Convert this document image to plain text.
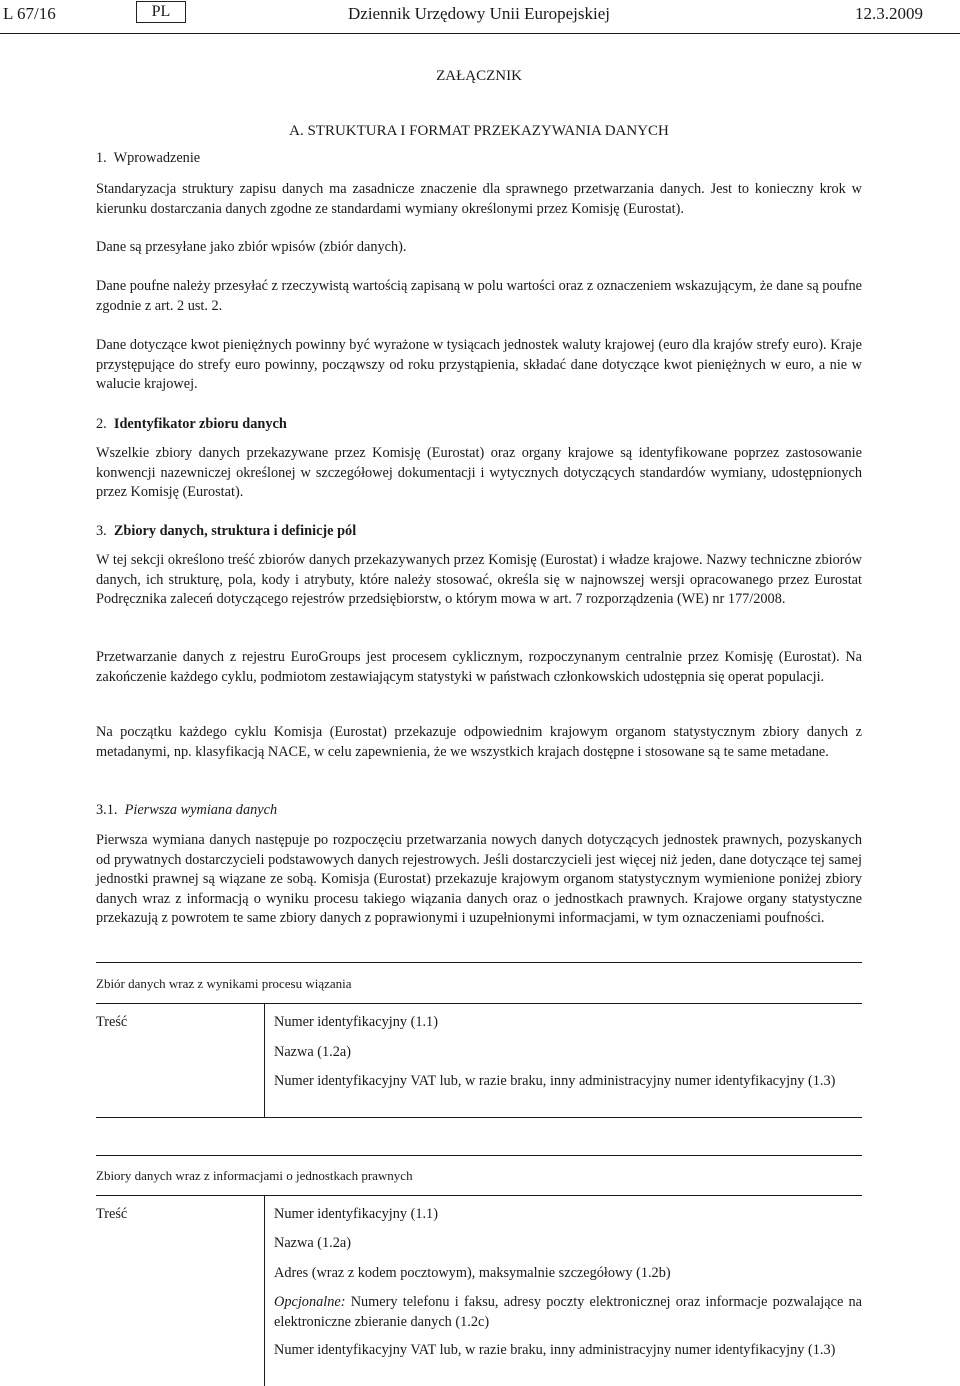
L 67/16	PL	Dziennik Urzędowy Unii Europejskiej	12.3.2009
ZAŁĄCZNIK
A. STRUKTURA I FORMAT PRZEKAZYWANIA DANYCH
1. Wprowadzenie
Standaryzacja struktury zapisu danych ma zasadnicze znaczenie dla sprawnego przetwarzania danych. Jest to konieczny krok w kierunku dostarczania danych zgodne ze standardami wymiany określonymi przez Komisję (Eurostat).
Dane są przesyłane jako zbiór wpisów (zbiór danych).
Dane poufne należy przesyłać z rzeczywistą wartością zapisaną w polu wartości oraz z oznaczeniem wskazującym, że dane są poufne zgodnie z art. 2 ust. 2.
Dane dotyczące kwot pieniężnych powinny być wyrażone w tysiącach jednostek waluty krajowej (euro dla krajów strefy euro). Kraje przystępujące do strefy euro powinny, począwszy od roku przystąpienia, składać dane dotyczące kwot pieniężnych w euro, a nie w walucie krajowej.
2. Identyfikator zbioru danych
Wszelkie zbiory danych przekazywane przez Komisję (Eurostat) oraz organy krajowe są identyfikowane poprzez zastosowanie konwencji nazewniczej określonej w szczegółowej dokumentacji i wytycznych dotyczących standardów wymiany, udostępnionych przez Komisję (Eurostat).
3. Zbiory danych, struktura i definicje pól
W tej sekcji określono treść zbiorów danych przekazywanych przez Komisję (Eurostat) i władze krajowe. Nazwy techniczne zbiorów danych, ich strukturę, pola, kody i atrybuty, które należy stosować, określa się w najnowszej wersji opracowanego przez Eurostat Podręcznika zaleceń dotyczącego rejestrów przedsiębiorstw, o którym mowa w art. 7 rozporządzenia (WE) nr 177/2008.
Przetwarzanie danych z rejestru EuroGroups jest procesem cyklicznym, rozpoczynanym centralnie przez Komisję (Eurostat). Na zakończenie każdego cyklu, podmiotom zestawiającym statystyki w państwach członkowskich udostępnia się operat populacji.
Na początku każdego cyklu Komisja (Eurostat) przekazuje odpowiednim krajowym organom statystycznym zbiory danych z metadanymi, np. klasyfikacją NACE, w celu zapewnienia, że we wszystkich krajach dostępne i stosowane są te same metadane.
3.1. Pierwsza wymiana danych
Pierwsza wymiana danych następuje po rozpoczęciu przetwarzania nowych danych dotyczących jednostek prawnych, pozyskanych od prywatnych dostarczycieli podstawowych danych rejestrowych. Jeśli dostarczycieli jest więcej niż jeden, dane dotyczące tej samej jednostki prawnej są wiązane ze sobą. Komisja (Eurostat) przekazuje krajowym organom statystycznym wymienione poniżej zbiory danych wraz z informacją o wyniku procesu takiego wiązania danych oraz o jednostkach prawnych. Krajowe organy statystyczne przekazują z powrotem te same zbiory danych z poprawionymi i uzupełnionymi informacjami, w tym oznaczeniami poufności.
Zbiór danych wraz z wynikami procesu wiązania
Treść	Numer identyfikacyjny (1.1)
Nazwa (1.2a)
Numer identyfikacyjny VAT lub, w razie braku, inny administracyjny numer identyfikacyjny (1.3)
Zbiory danych wraz z informacjami o jednostkach prawnych
Treść	Numer identyfikacyjny (1.1)
Nazwa (1.2a)
Adres (wraz z kodem pocztowym), maksymalnie szczegółowy (1.2b)
Opcjonalne: Numery telefonu i faksu, adresy poczty elektronicznej oraz informacje pozwalające na elektroniczne zbieranie danych (1.2c)
Numer identyfikacyjny VAT lub, w razie braku, inny administracyjny numer identyfikacyjny (1.3)
